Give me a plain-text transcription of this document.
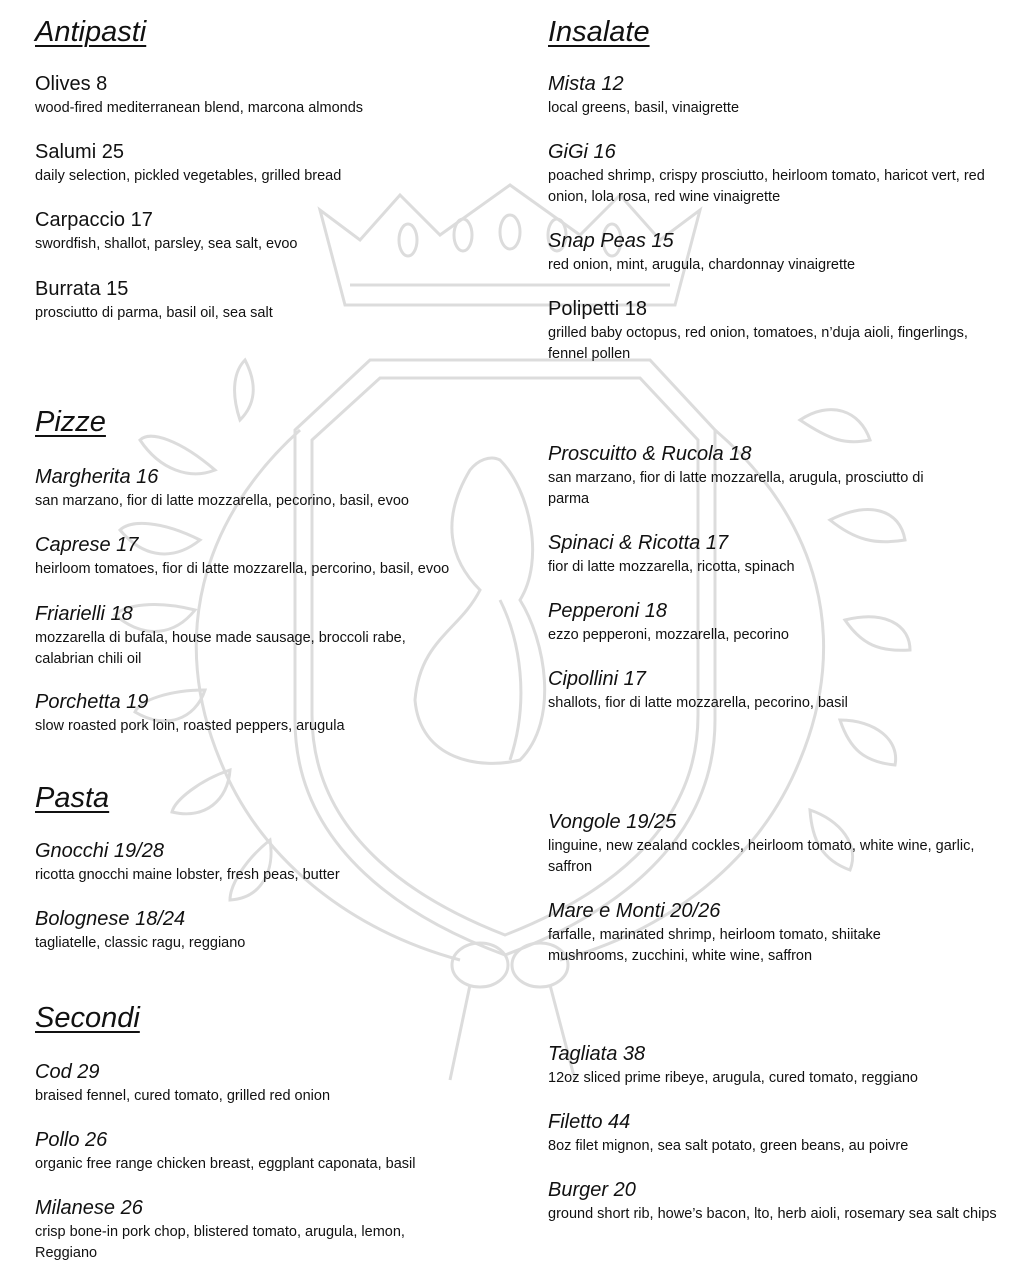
Antipasti
Olives 8
wood-fired mediterranean blend, marcona almonds
Salumi 25
daily selection, pickled vegetables, grilled bread
Carpaccio 17
swordfish, shallot, parsley, sea salt, evoo
Burrata 15
prosciutto di parma, basil oil, sea salt
Insalate
Mista 12
local greens, basil, vinaigrette
GiGi 16
poached shrimp, crispy prosciutto, heirloom tomato, haricot vert, red onion, lola rosa, red wine vinaigrette
Snap Peas 15
red onion, mint, arugula, chardonnay vinaigrette
Polipetti 18
grilled baby octopus, red onion, tomatoes, n’duja aioli, fingerlings, fennel pollen
Pizze
Margherita 16
san marzano, fior di latte mozzarella, pecorino, basil, evoo
Caprese 17
heirloom tomatoes, fior di latte mozzarella, percorino, basil, evoo
Friarielli 18
mozzarella di bufala, house made sausage, broccoli rabe, calabrian chili oil
Porchetta 19
slow roasted pork loin, roasted peppers, arugula
Proscuitto & Rucola 18
san marzano, fior di latte mozzarella, arugula, prosciutto di parma
Spinaci & Ricotta 17
fior di latte mozzarella, ricotta, spinach
Pepperoni 18
ezzo pepperoni, mozzarella, pecorino
Cipollini 17
shallots, fior di latte mozzarella, pecorino, basil
Pasta
Gnocchi 19/28
ricotta gnocchi maine lobster, fresh peas, butter
Bolognese 18/24
tagliatelle, classic ragu, reggiano
Vongole 19/25
linguine, new zealand cockles, heirloom tomato, white wine, garlic, saffron
Mare e Monti 20/26
farfalle, marinated shrimp, heirloom tomato, shiitake mushrooms, zucchini, white wine, saffron
Secondi
Cod 29
braised fennel, cured tomato, grilled red onion
Pollo 26
organic free range chicken breast, eggplant caponata, basil
Milanese 26
crisp bone-in pork chop, blistered tomato, arugula, lemon, Reggiano
Tagliata 38
12oz sliced prime ribeye, arugula, cured tomato, reggiano
Filetto 44
8oz filet mignon, sea salt potato, green beans, au poivre
Burger 20
ground short rib, howe’s bacon, lto, herb aioli, rosemary sea salt chips
